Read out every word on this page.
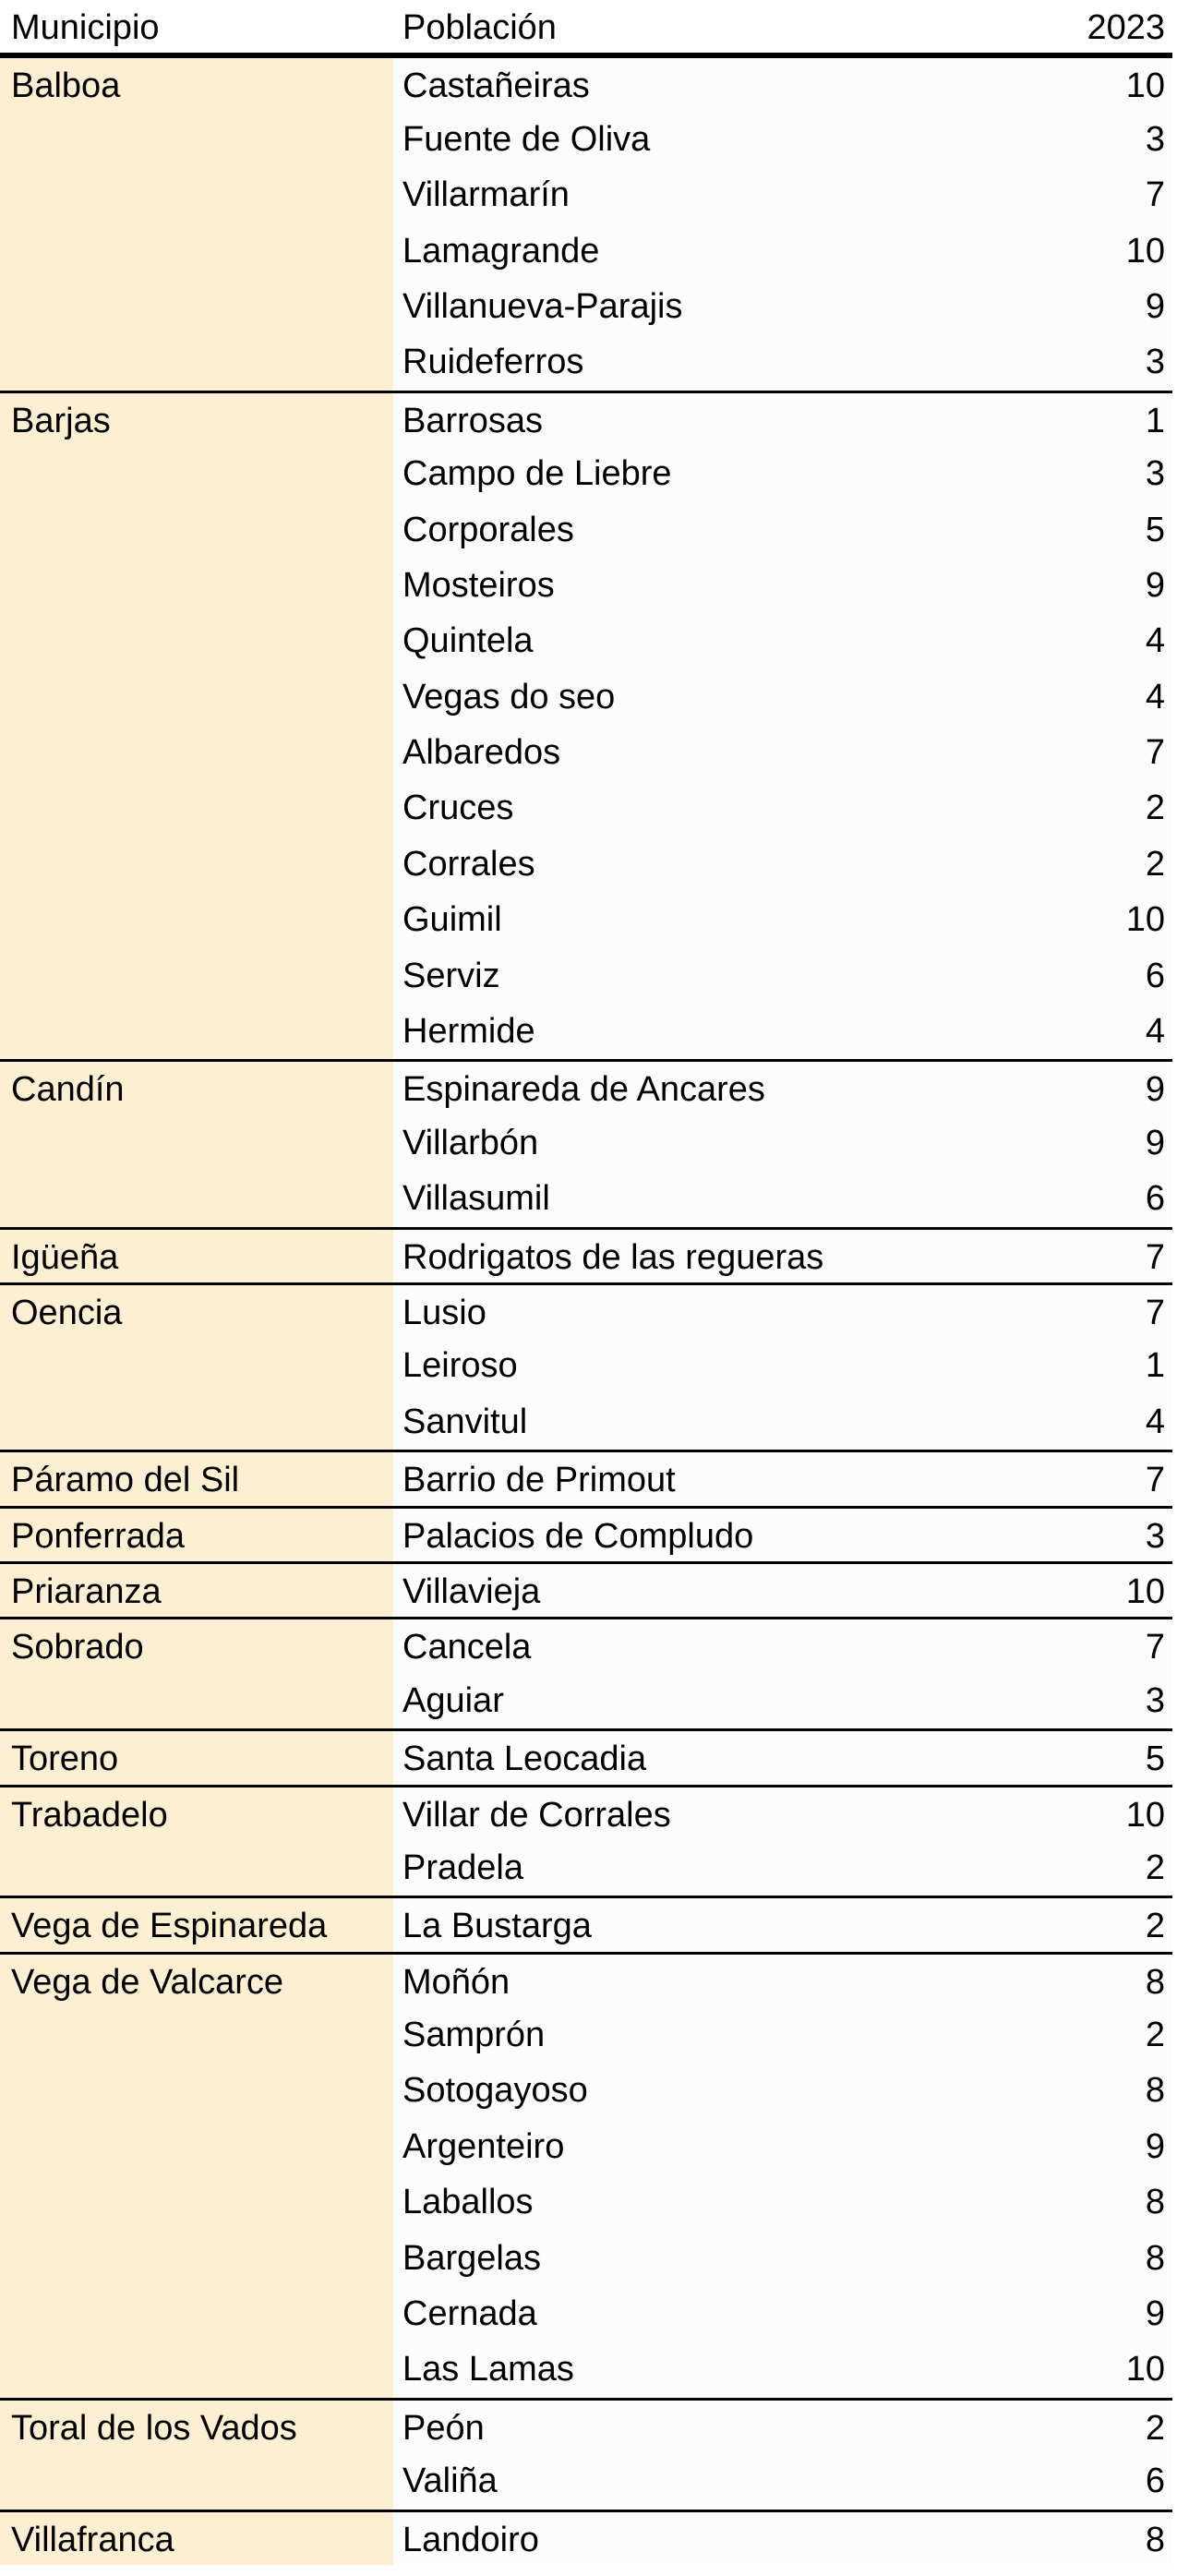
Municipio	Población	2023
Balboa	Castañeiras	10
Fuente de Oliva	3
Villarmarín	7
Lamagrande	10
Villanueva-Parajis	9
Ruideferros	3
Barjas	Barrosas	1
Campo de Liebre	3
Corporales	5
Mosteiros	9
Quintela	4
Vegas do seo	4
Albaredos	7
Cruces	2
Corrales	2
Guimil	10
Serviz	6
Hermide	4
Candín	Espinareda de Ancares	9
Villarbón	9
Villasumil	6
Igüeña	Rodrigatos de las regueras	7
Oencia	Lusio	7
Leiroso	1
Sanvitul	4
Páramo del Sil	Barrio de Primout	7
Ponferrada	Palacios de Compludo	3
Priaranza	Villavieja	10
Sobrado	Cancela	7
Aguiar	3
Toreno	Santa Leocadia	5
Trabadelo	Villar de Corrales	10
Pradela	2
Vega de Espinareda	La Bustarga	2
Vega de Valcarce	Moñón	8
Samprón	2
Sotogayoso	8
Argenteiro	9
Laballos	8
Bargelas	8
Cernada	9
Las Lamas	10
Toral de los Vados	Peón	2
Valiña	6
Villafranca	Landoiro	8
